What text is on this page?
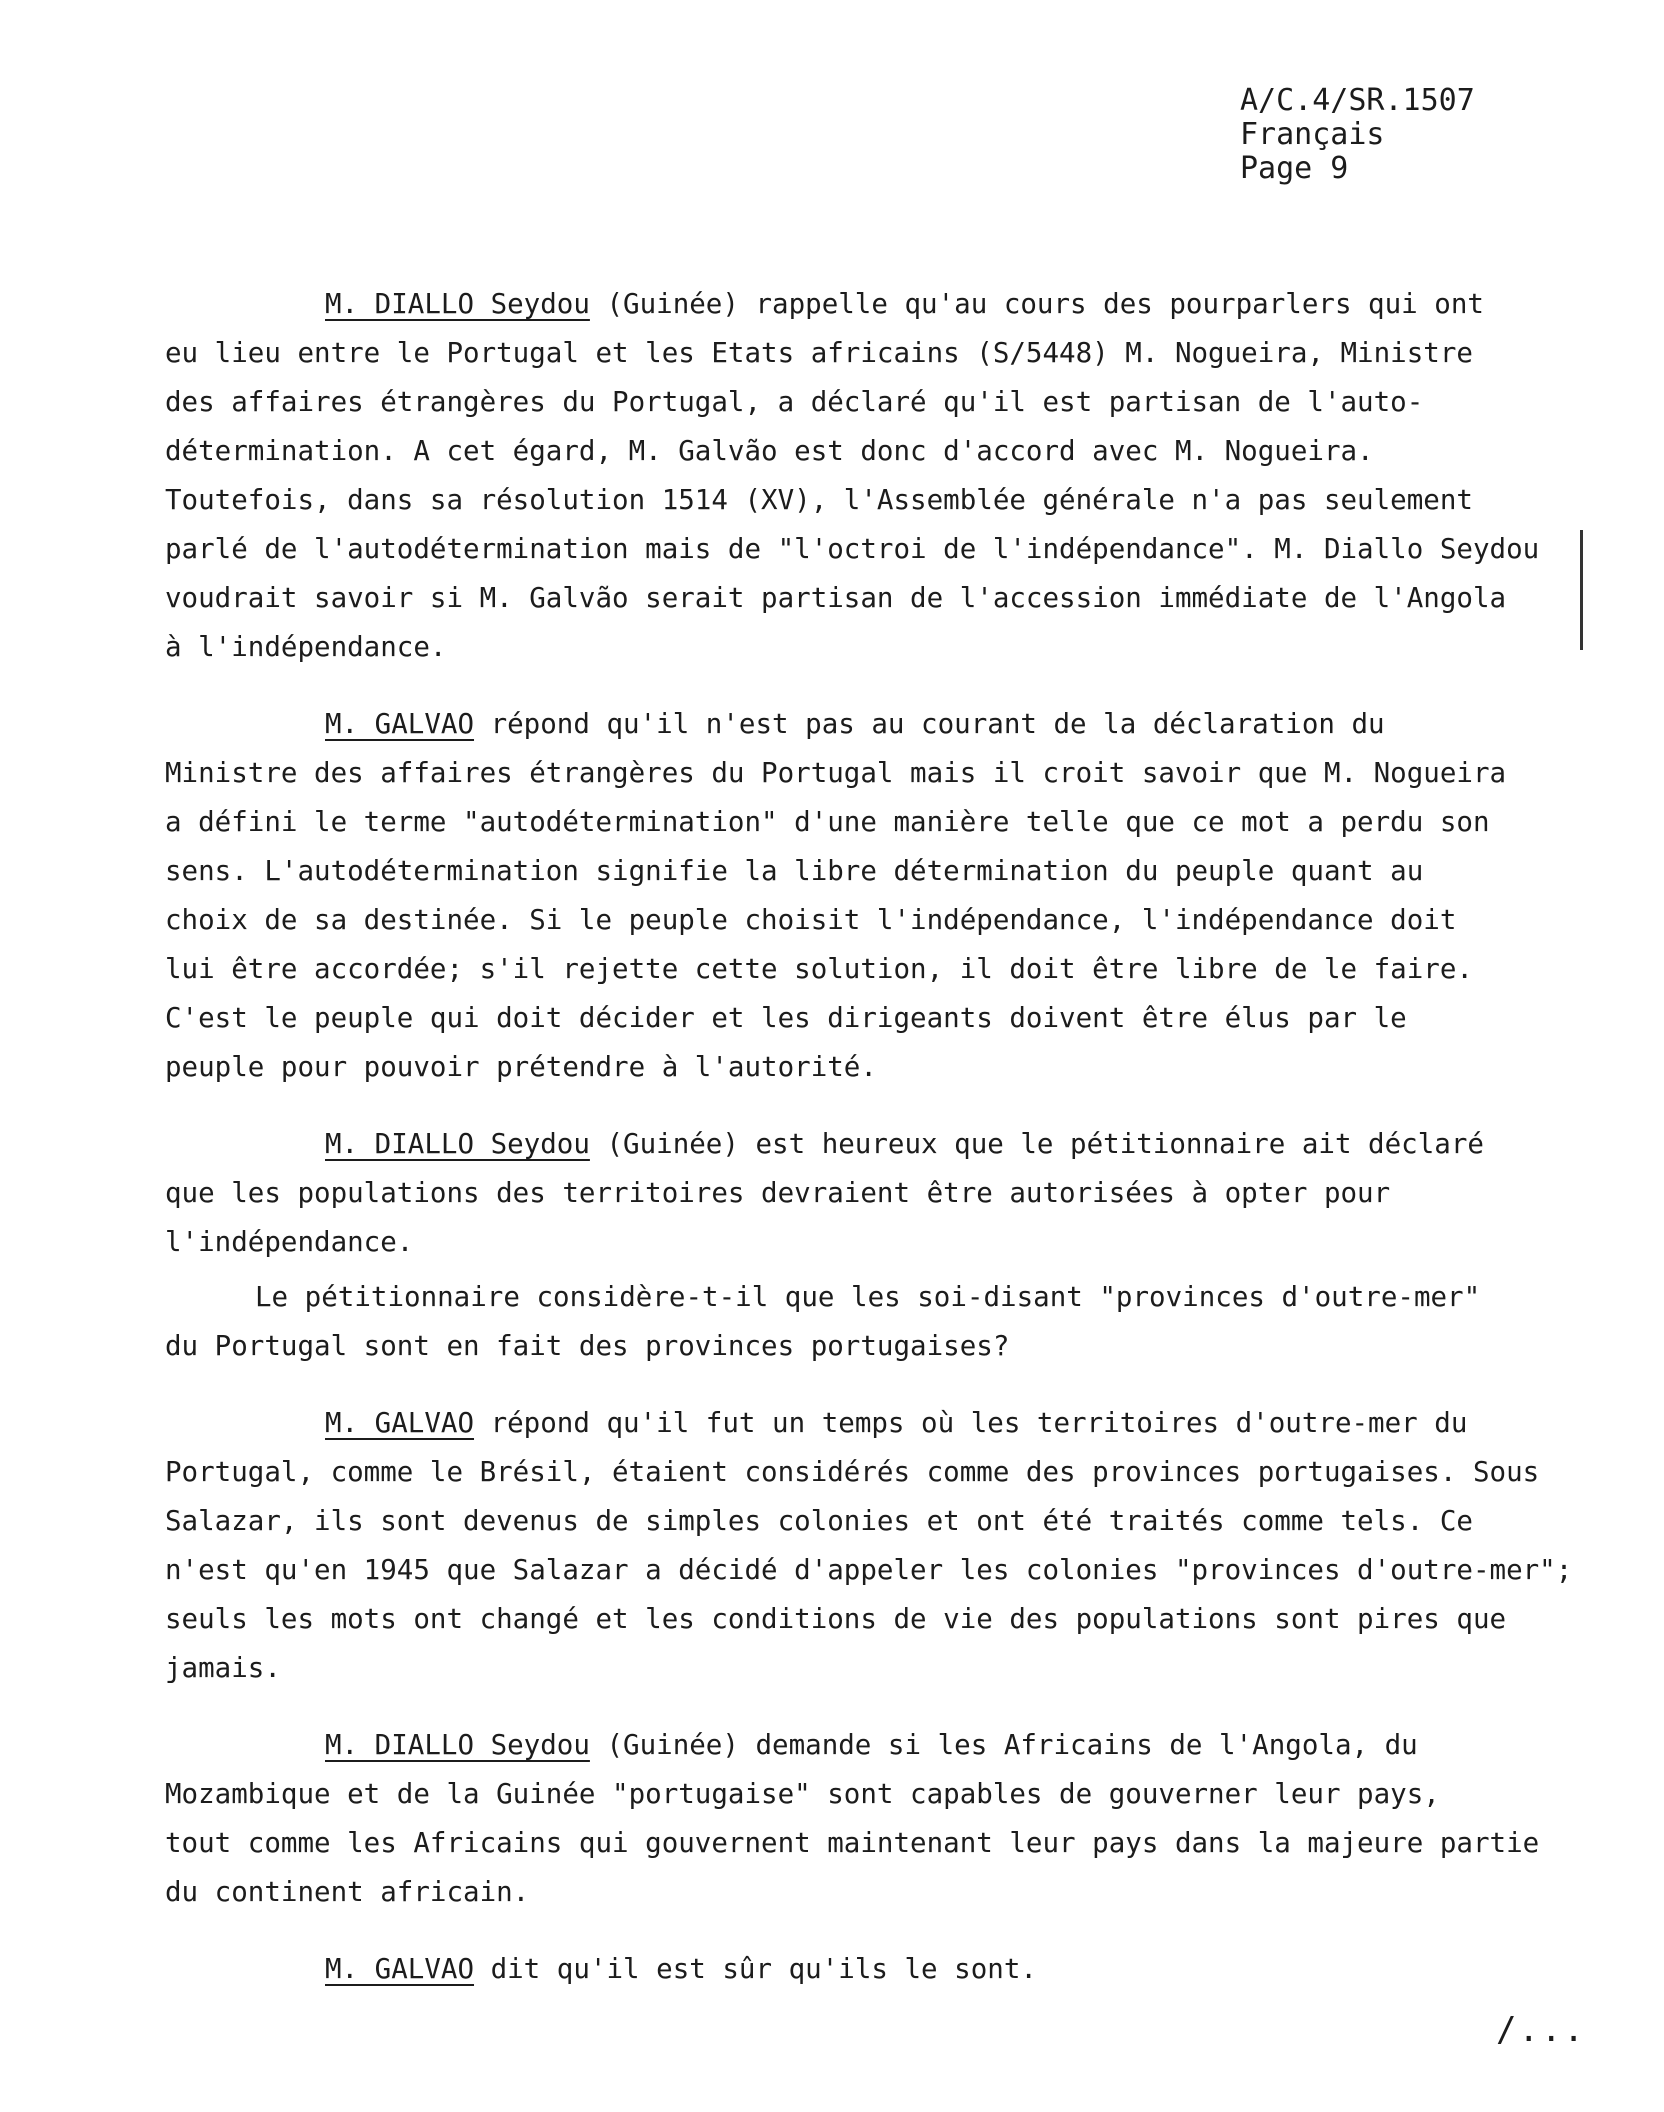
A/C.4/SR.1507
Français
Page 9
M. DIALLO Seydou (Guinée) rappelle qu'au cours des pourparlers qui ont
eu lieu entre le Portugal et les Etats africains (S/5448) M. Nogueira, Ministre
des affaires étrangères du Portugal, a déclaré qu'il est partisan de l'auto-
détermination. A cet égard, M. Galvão est donc d'accord avec M. Nogueira.
Toutefois, dans sa résolution 1514 (XV), l'Assemblée générale n'a pas seulement
parlé de l'autodétermination mais de "l'octroi de l'indépendance". M. Diallo Seydou
voudrait savoir si M. Galvão serait partisan de l'accession immédiate de l'Angola
à l'indépendance.
M. GALVAO répond qu'il n'est pas au courant de la déclaration du
Ministre des affaires étrangères du Portugal mais il croit savoir que M. Nogueira
a défini le terme "autodétermination" d'une manière telle que ce mot a perdu son
sens. L'autodétermination signifie la libre détermination du peuple quant au
choix de sa destinée. Si le peuple choisit l'indépendance, l'indépendance doit
lui être accordée; s'il rejette cette solution, il doit être libre de le faire.
C'est le peuple qui doit décider et les dirigeants doivent être élus par le
peuple pour pouvoir prétendre à l'autorité.
M. DIALLO Seydou (Guinée) est heureux que le pétitionnaire ait déclaré
que les populations des territoires devraient être autorisées à opter pour
l'indépendance.
Le pétitionnaire considère-t-il que les soi-disant "provinces d'outre-mer"
du Portugal sont en fait des provinces portugaises?
M. GALVAO répond qu'il fut un temps où les territoires d'outre-mer du
Portugal, comme le Brésil, étaient considérés comme des provinces portugaises. Sous
Salazar, ils sont devenus de simples colonies et ont été traités comme tels. Ce
n'est qu'en 1945 que Salazar a décidé d'appeler les colonies "provinces d'outre-mer";
seuls les mots ont changé et les conditions de vie des populations sont pires que
jamais.
M. DIALLO Seydou (Guinée) demande si les Africains de l'Angola, du
Mozambique et de la Guinée "portugaise" sont capables de gouverner leur pays,
tout comme les Africains qui gouvernent maintenant leur pays dans la majeure partie
du continent africain.
M. GALVAO dit qu'il est sûr qu'ils le sont.
/...
